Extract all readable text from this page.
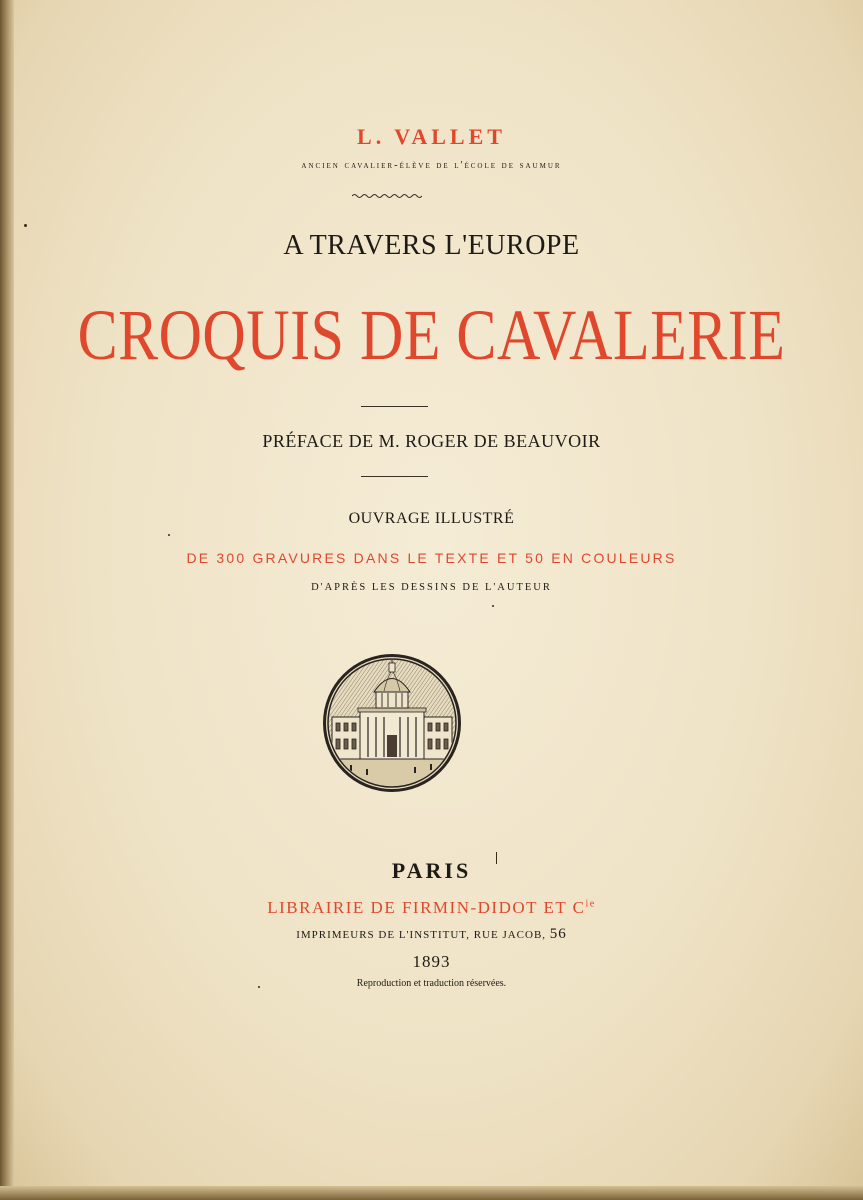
L. VALLET
ancien cavalier-élève de l'école de saumur
A TRAVERS L'EUROPE
CROQUIS DE CAVALERIE
PRÉFACE DE M. ROGER DE BEAUVOIR
OUVRAGE ILLUSTRÉ
DE 300 GRAVURES DANS LE TEXTE ET 50 EN COULEURS
D'APRÈS LES DESSINS DE L'AUTEUR
PARIS
LIBRAIRIE DE FIRMIN-DIDOT ET $C^{ie}$
IMPRIMEURS DE L'INSTITUT, RUE JACOB, 56
1893
Reproduction et traduction réservées.
